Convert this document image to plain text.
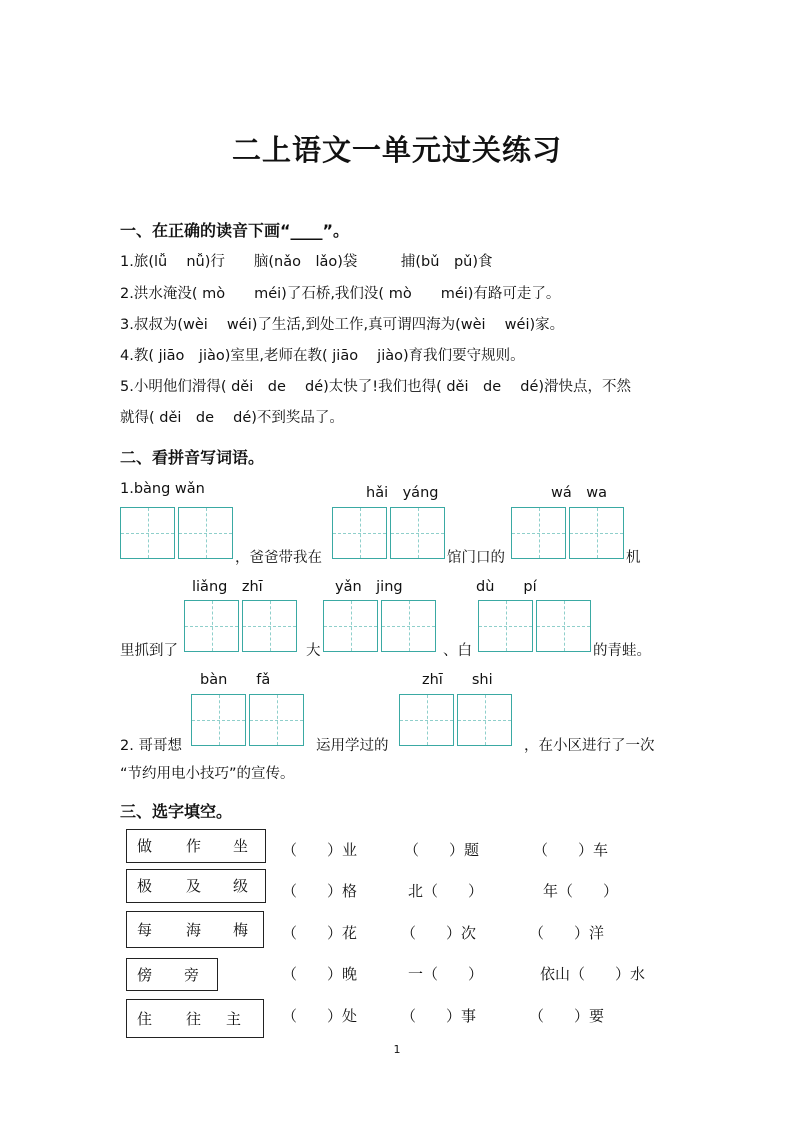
二上语文一单元过关练习
一、在正确的读音下画“____”。
1.旅(lǚ　 nǚ)行　　脑(nǎo　lǎo)袋　　　捕(bǔ　pǔ)食
2.洪水淹没( mò　　méi)了石桥,我们没( mò　　méi)有路可走了。
3.叔叔为(wèi　 wéi)了生活,到处工作,真可谓四海为(wèi　 wéi)家。
4.教( jiāo　jiào)室里,老师在教( jiāo　 jiào)育我们要守规则。
5.小明他们滑得( děi　de　 dé)太快了!我们也得( děi　de　 dé)滑快点，不然
就得( děi　de　 dé)不到奖品了。
二、看拼音写词语。
1.bàng wǎn	hǎi　yáng	wá　wa
，爸爸带我在	馆门口的	机
liǎng　zhī	yǎn　jing	dù　　pí
里抓到了	大	、白	的青蛙。
bàn　　fǎ	zhī　　shi
2. 哥哥想	运用学过的	，在小区进行了一次
“节约用电小技巧”的宣传。
三、选字填空。
做 作 坐 （　　）业	（　　）题	（　　）车
极 及 级 （　　）格	北（　　）	年（　　）
每 海 梅 （　　）花	（　　）次	（　　）洋
傍 旁	（　　）晚	一（　　）	依山（　　）水
住 往 主	（　　）处	（　　）事	（　　）要
1
